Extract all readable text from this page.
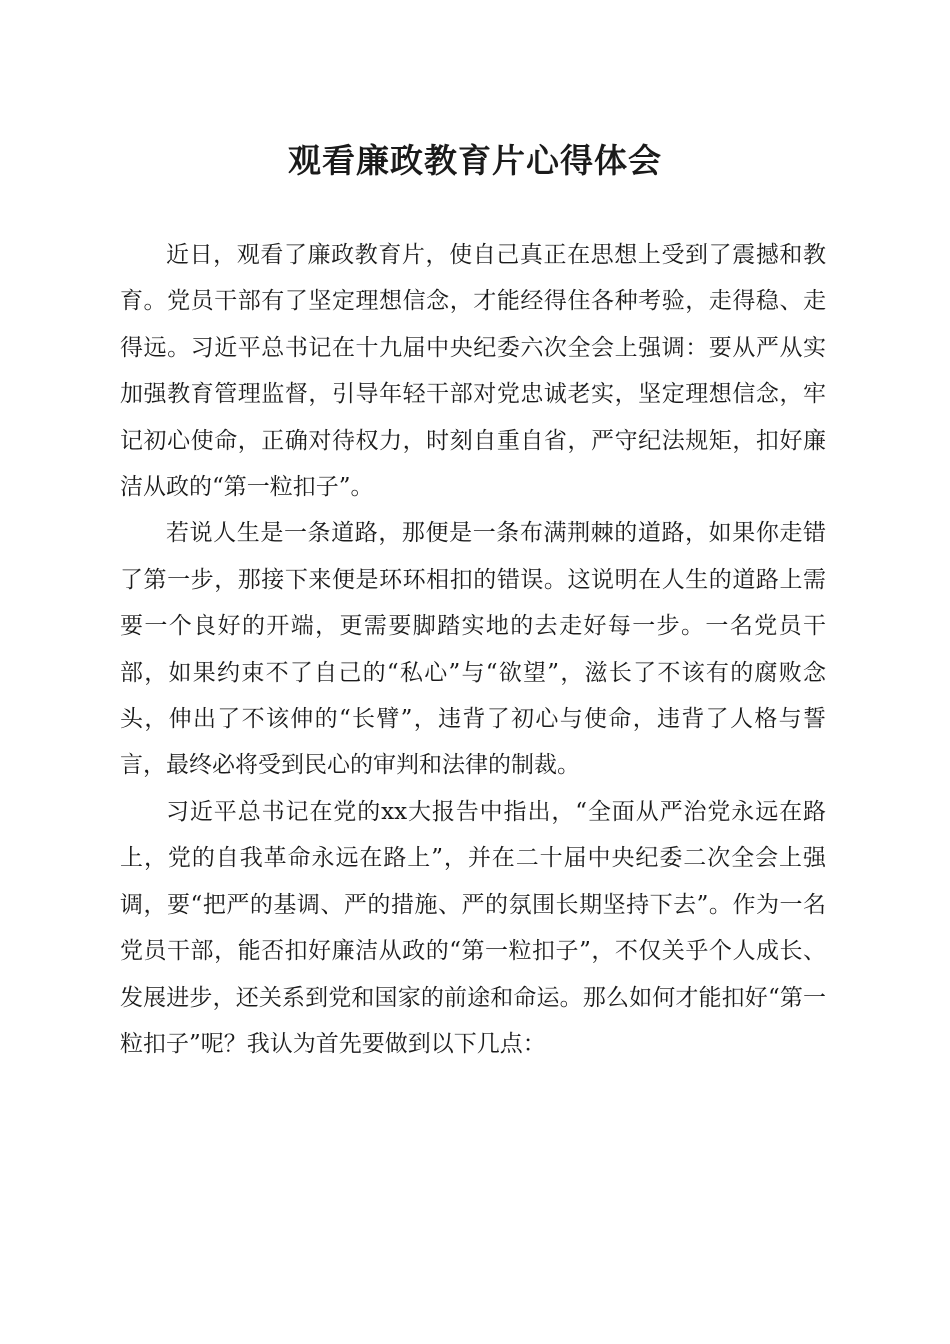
观看廉政教育片心得体会

近日，观看了廉政教育片，使自己真正在思想上受到了震撼和教育。党员干部有了坚定理想信念，才能经得住各种考验，走得稳、走得远。习近平总书记在十九届中央纪委六次全会上强调：要从严从实加强教育管理监督，引导年轻干部对党忠诚老实，坚定理想信念，牢记初心使命，正确对待权力，时刻自重自省，严守纪法规矩，扣好廉洁从政的“第一粒扣子”。

若说人生是一条道路，那便是一条布满荆棘的道路，如果你走错了第一步，那接下来便是环环相扣的错误。这说明在人生的道路上需要一个良好的开端，更需要脚踏实地的去走好每一步。一名党员干部，如果约束不了自己的“私心”与“欲望”，滋长了不该有的腐败念头，伸出了不该伸的“长臂”，违背了初心与使命，违背了人格与誓言，最终必将受到民心的审判和法律的制裁。

习近平总书记在党的xx大报告中指出，“全面从严治党永远在路上，党的自我革命永远在路上”，并在二十届中央纪委二次全会上强调，要“把严的基调、严的措施、严的氛围长期坚持下去”。作为一名党员干部，能否扣好廉洁从政的“第一粒扣子”，不仅关乎个人成长、发展进步，还关系到党和国家的前途和命运。那么如何才能扣好“第一粒扣子”呢？我认为首先要做到以下几点：
